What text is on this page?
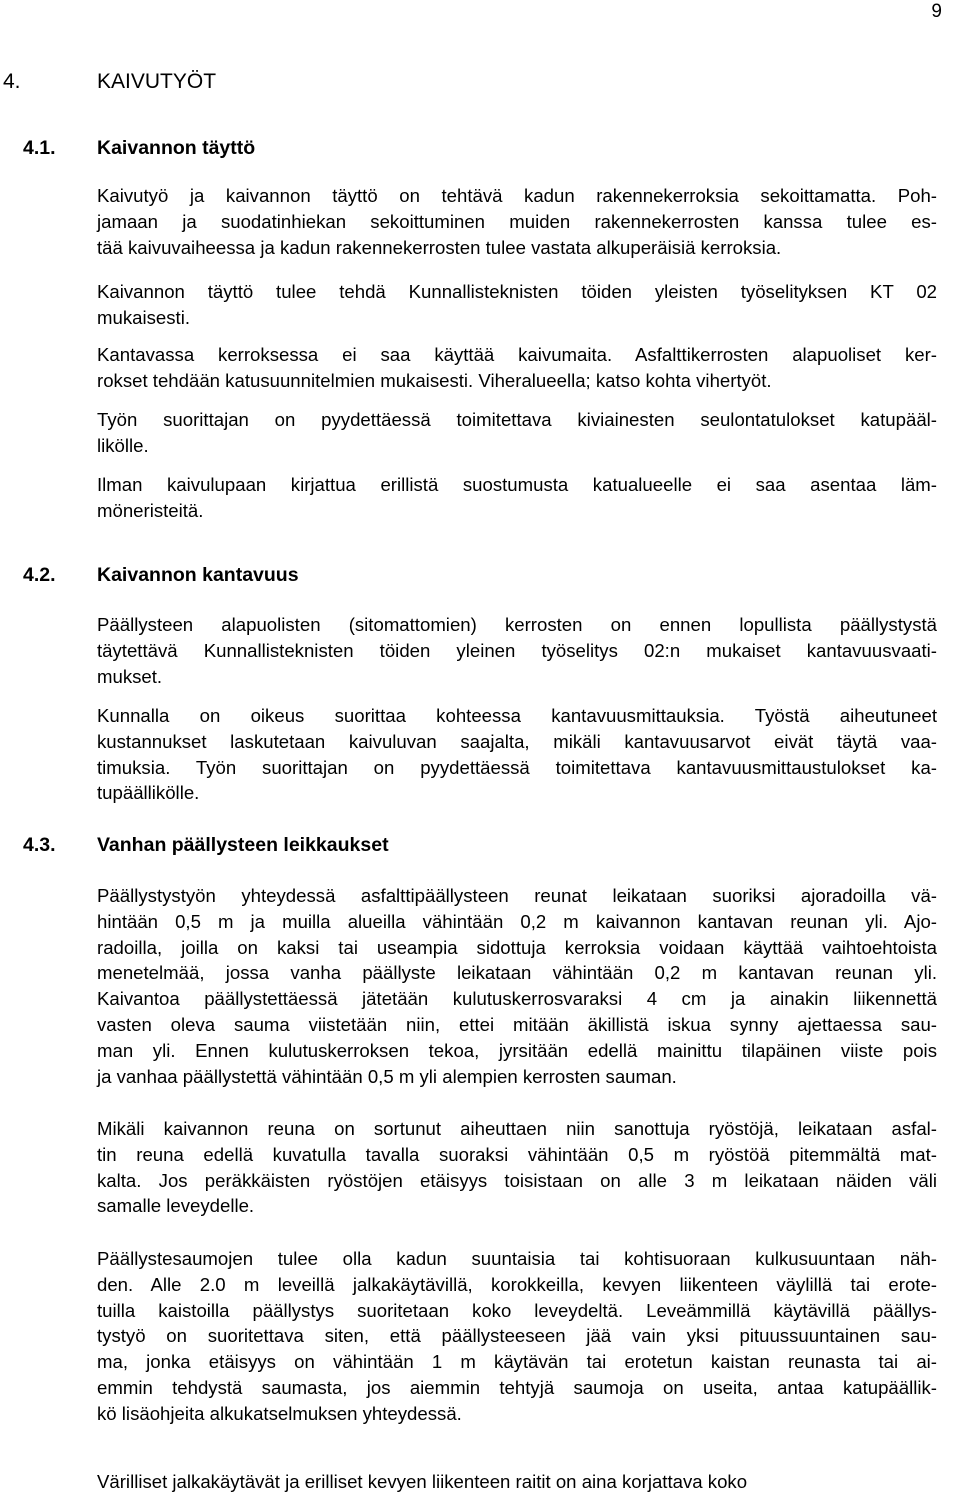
9
4.	KAIVUTYÖT
4.1. Kaivannon täyttö
Kaivutyö ja kaivannon täyttö on tehtävä kadun rakennekerroksia sekoittamatta. Poh-
jamaan ja suodatinhiekan sekoittuminen muiden rakennekerrosten kanssa tulee es-
tää kaivuvaiheessa ja kadun rakennekerrosten tulee vastata alkuperäisiä kerroksia.
Kaivannon täyttö tulee tehdä Kunnallisteknisten töiden yleisten työselityksen KT 02
mukaisesti.
Kantavassa kerroksessa ei saa käyttää kaivumaita. Asfalttikerrosten alapuoliset ker-
rokset tehdään katusuunnitelmien mukaisesti. Viheralueella; katso kohta vihertyöt.
Työn suorittajan on pyydettäessä toimitettava kiviainesten seulontatulokset katupääl-
likölle.
Ilman kaivulupaan kirjattua erillistä suostumusta katualueelle ei saa asentaa läm-
möneristeitä.
4.2. Kaivannon kantavuus
Päällysteen alapuolisten (sitomattomien) kerrosten on ennen lopullista päällystystä
täytettävä Kunnallisteknisten töiden yleinen työselitys 02:n mukaiset kantavuusvaati-
mukset.
Kunnalla on oikeus suorittaa kohteessa kantavuusmittauksia. Työstä aiheutuneet
kustannukset laskutetaan kaivuluvan saajalta, mikäli kantavuusarvot eivät täytä vaa-
timuksia. Työn suorittajan on pyydettäessä toimitettava kantavuusmittaustulokset ka-
tupäällikölle.
4.3. Vanhan päällysteen leikkaukset
Päällystystyön yhteydessä asfalttipäällysteen reunat leikataan suoriksi ajoradoilla vä-
hintään 0,5 m ja muilla alueilla vähintään 0,2 m kaivannon kantavan reunan yli. Ajo-
radoilla, joilla on kaksi tai useampia sidottuja kerroksia voidaan käyttää vaihtoehtoista
menetelmää, jossa vanha päällyste leikataan vähintään 0,2 m kantavan reunan yli.
Kaivantoa päällystettäessä jätetään kulutuskerrosvaraksi 4 cm ja ainakin liikennettä
vasten oleva sauma viistetään niin, ettei mitään äkillistä iskua synny ajettaessa sau-
man yli. Ennen kulutuskerroksen tekoa, jyrsitään edellä mainittu tilapäinen viiste pois
ja vanhaa päällystettä vähintään 0,5 m yli alempien kerrosten sauman.
Mikäli kaivannon reuna on sortunut aiheuttaen niin sanottuja ryöstöjä, leikataan asfal-
tin reuna edellä kuvatulla tavalla suoraksi vähintään 0,5 m ryöstöä pitemmältä mat-
kalta. Jos peräkkäisten ryöstöjen etäisyys toisistaan on alle 3 m leikataan näiden väli
samalle leveydelle.
Päällystesaumojen tulee olla kadun suuntaisia tai kohtisuoraan kulkusuuntaan näh-
den. Alle 2.0 m leveillä jalkakäytävillä, korokkeilla, kevyen liikenteen väylillä tai erote-
tuilla kaistoilla päällystys suoritetaan koko leveydeltä. Leveämmillä käytävillä päällys-
tystyö on suoritettava siten, että päällysteeseen jää vain yksi pituussuuntainen sau-
ma, jonka etäisyys on vähintään 1 m käytävän tai erotetun kaistan reunasta tai ai-
emmin tehdystä saumasta, jos aiemmin tehtyjä saumoja on useita, antaa katupäällik-
kö lisäohjeita alkukatselmuksen yhteydessä.
Värilliset jalkakäytävät ja erilliset kevyen liikenteen raitit on aina korjattava koko
